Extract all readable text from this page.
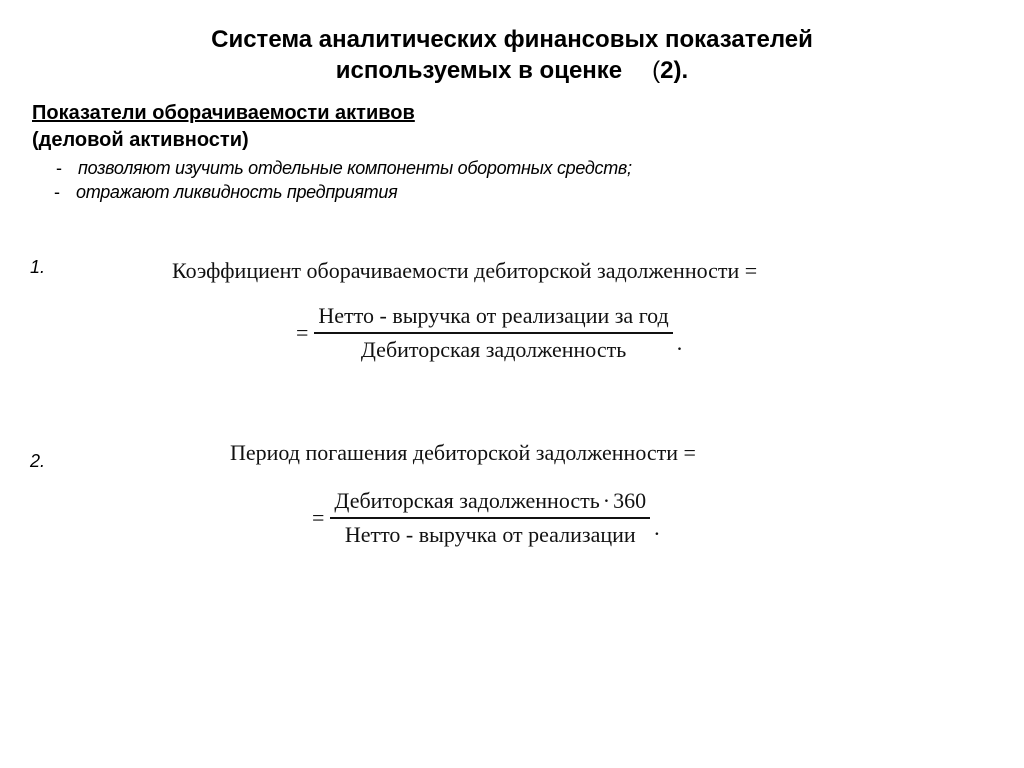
Система аналитических финансовых показателей
используемых в оценке (2).
Показатели оборачиваемости активов
(деловой активности)
- позволяют изучить отдельные компоненты оборотных средств;
- отражают ликвидность предприятия
1.	Коэффициент оборачиваемости дебиторской задолженности =
= $\frac{\text{Нетто - выручка от реализации за год}}{\text{Дебиторская задолженность}}$ .
2.	Период погашения дебиторской задолженности =
= $\frac{\text{Дебиторская задолженность · 360}}{\text{Нетто - выручка от реализации}}$ .
